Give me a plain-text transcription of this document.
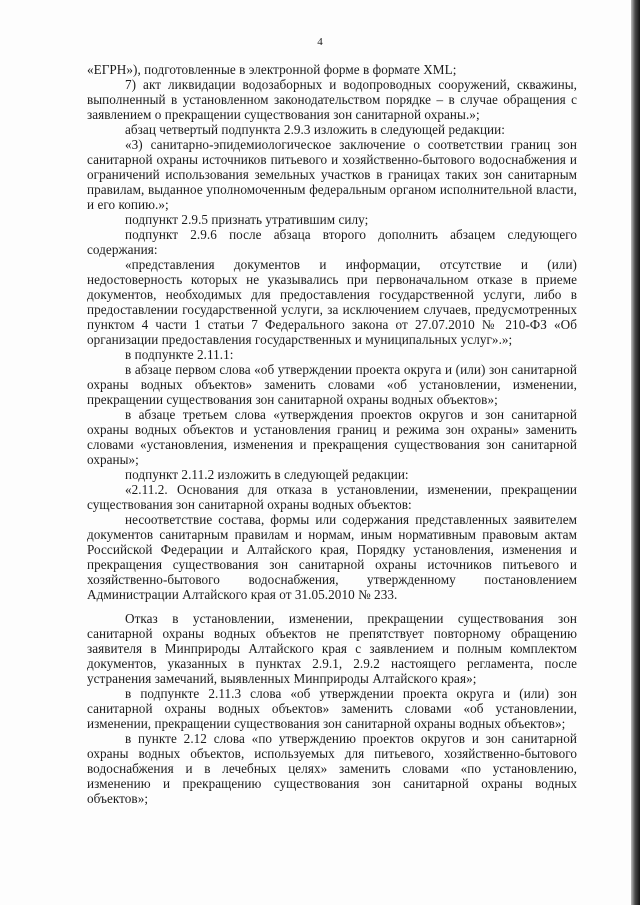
4

«ЕГРН»), подготовленные в электронной форме в формате XML;

7) акт ликвидации водозаборных и водопроводных сооружений, скважины, выполненный в установленном законодательством порядке – в случае обращения с заявлением о прекращении существования зон санитарной охраны.»;

абзац четвертый подпункта 2.9.3 изложить в следующей редакции:

«3) санитарно-эпидемиологическое заключение о соответствии границ зон санитарной охраны источников питьевого и хозяйственно-бытового водоснабжения и ограничений использования земельных участков в границах таких зон санитарным правилам, выданное уполномоченным федеральным органом исполнительной власти, и его копию.»;

подпункт 2.9.5 признать утратившим силу;

подпункт 2.9.6 после абзаца второго дополнить абзацем следующего содержания:

«представления документов и информации, отсутствие и (или) недостоверность которых не указывались при первоначальном отказе в приеме документов, необходимых для предоставления государственной услуги, либо в предоставлении государственной услуги, за исключением случаев, предусмотренных пунктом 4 части 1 статьи 7 Федерального закона от 27.07.2010 № 210-ФЗ «Об организации предоставления государственных и муниципальных услуг».»;

в подпункте 2.11.1:

в абзаце первом слова «об утверждении проекта округа и (или) зон санитарной охраны водных объектов» заменить словами «об установлении, изменении, прекращении существования зон санитарной охраны водных объектов»;

в абзаце третьем слова «утверждения проектов округов и зон санитарной охраны водных объектов и установления границ и режима зон охраны» заменить словами «установления, изменения и прекращения существования зон санитарной охраны»;

подпункт 2.11.2 изложить в следующей редакции:

«2.11.2. Основания для отказа в установлении, изменении, прекращении существования зон санитарной охраны водных объектов:

несоответствие состава, формы или содержания представленных заявителем документов санитарным правилам и нормам, иным нормативным правовым актам Российской Федерации и Алтайского края, Порядку установления, изменения и прекращения существования зон санитарной охраны источников питьевого и хозяйственно-бытового водоснабжения, утвержденному постановлением Администрации Алтайского края от 31.05.2010 № 233.

Отказ в установлении, изменении, прекращении существования зон санитарной охраны водных объектов не препятствует повторному обращению заявителя в Минприроды Алтайского края с заявлением и полным комплектом документов, указанных в пунктах 2.9.1, 2.9.2 настоящего регламента, после устранения замечаний, выявленных Минприроды Алтайского края»;

в подпункте 2.11.3 слова «об утверждении проекта округа и (или) зон санитарной охраны водных объектов» заменить словами «об установлении, изменении, прекращении существования зон санитарной охраны водных объектов»;

в пункте 2.12 слова «по утверждению проектов округов и зон санитарной охраны водных объектов, используемых для питьевого, хозяйственно-бытового водоснабжения и в лечебных целях» заменить словами «по установлению, изменению и прекращению существования зон санитарной охраны водных объектов»;
